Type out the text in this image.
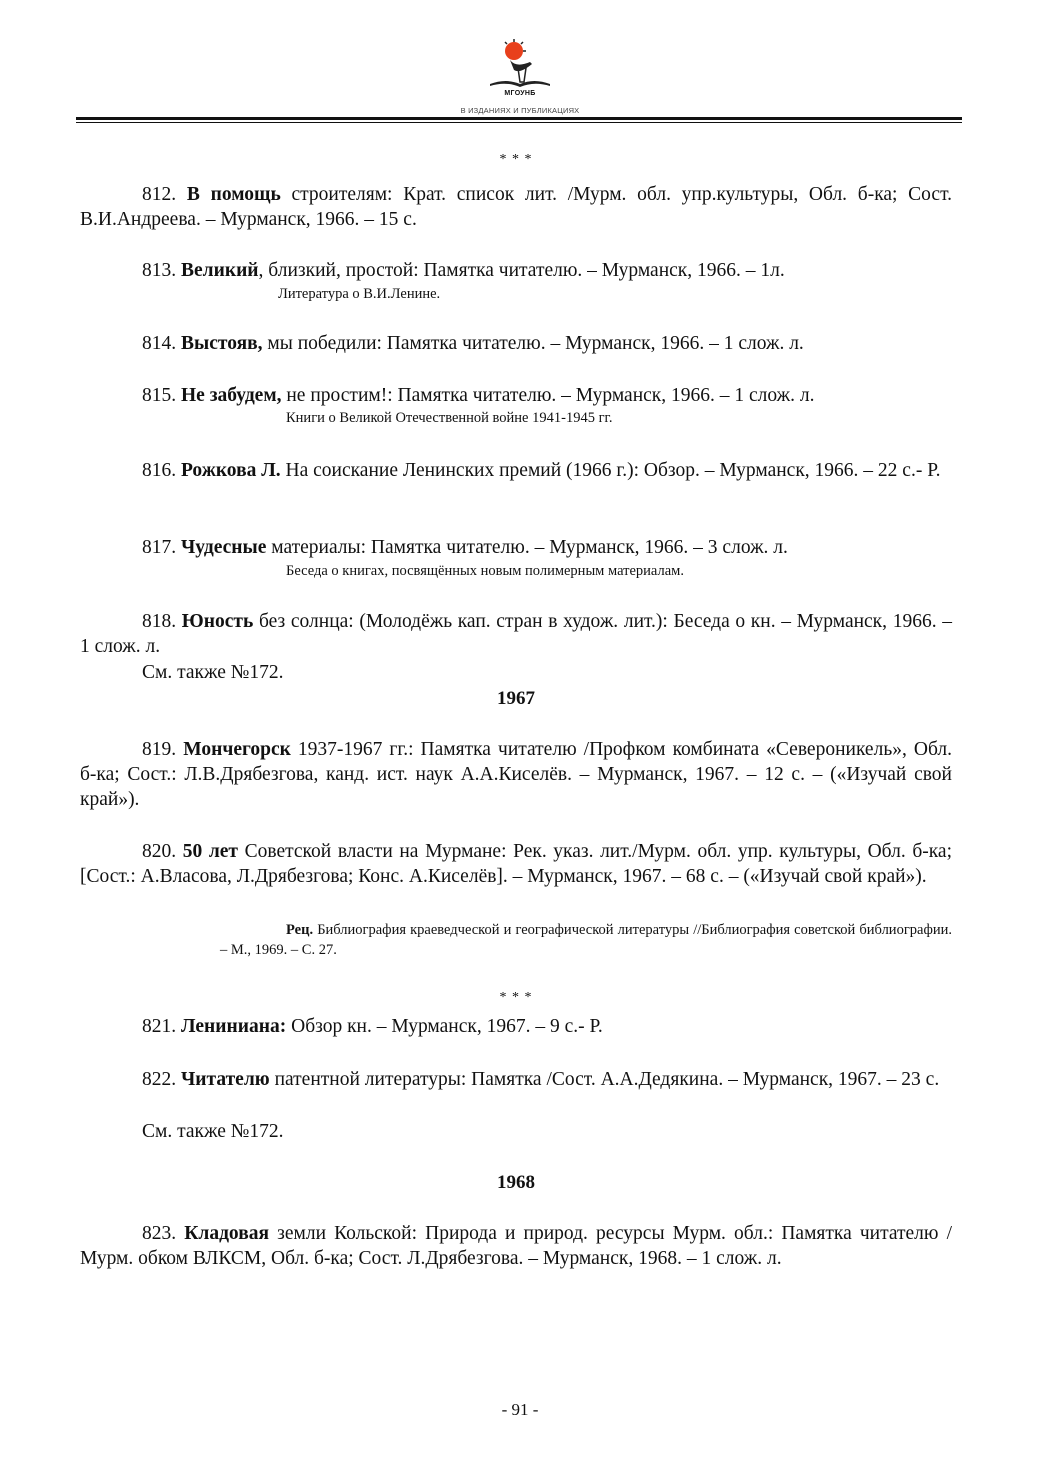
МГОУНБ
В ИЗДАНИЯХ И ПУБЛИКАЦИЯХ
* * *

812. В помощь строителям: Крат. список лит. /Мурм. обл. упр.культуры, Обл. б-ка; Сост. В.И.Андреева. – Мурманск, 1966. – 15 с.

813. Великий, близкий, простой: Памятка читателю. – Мурманск, 1966. – 1л.

Литература о В.И.Ленине.

814. Выстояв, мы победили: Памятка читателю. – Мурманск, 1966. – 1 слож. л.

815. Не забудем, не простим!: Памятка читателю. – Мурманск, 1966. – 1 слож. л.

Книги о Великой Отечественной войне 1941-1945 гг.

816. Рожкова Л. На соискание Ленинских премий (1966 г.): Обзор. – Мурманск, 1966. – 22 с.- Р.

817. Чудесные материалы: Памятка читателю. – Мурманск, 1966. – 3 слож. л.

Беседа о книгах, посвящённых новым полимерным материалам.

818. Юность без солнца: (Молодёжь кап. стран в худож. лит.): Беседа о кн. – Мурманск, 1966. – 1 слож. л.

См. также №172.
1967

819. Мончегорск 1937-1967 гг.: Памятка читателю /Профком комбината «Североникель», Обл. б-ка; Сост.: Л.В.Дрябезгова, канд. ист. наук А.А.Киселёв. – Мурманск, 1967. – 12 с. – («Изучай свой край»).

820. 50 лет Советской власти на Мурмане: Рек. указ. лит./Мурм. обл. упр. культуры, Обл. б-ка; [Сост.: А.Власова, Л.Дрябезгова; Конс. А.Киселёв]. – Мурманск, 1967. – 68 с. – («Изучай свой край»).

Рец. Библиография краеведческой и географической литературы //Библиография советской библиографии. – М., 1969. – С. 27.

* * *

821. Лениниана: Обзор кн. – Мурманск, 1967. – 9 с.- Р.

822. Читателю патентной литературы: Памятка /Сост. А.А.Дедякина. – Мурманск, 1967. – 23 с.

См. также №172.
1968

823. Кладовая земли Кольской: Природа и природ. ресурсы Мурм. обл.: Памятка читателю /Мурм. обком ВЛКСМ, Обл. б-ка; Сост. Л.Дрябезгова. – Мурманск, 1968. – 1 слож. л.

- 91 -
